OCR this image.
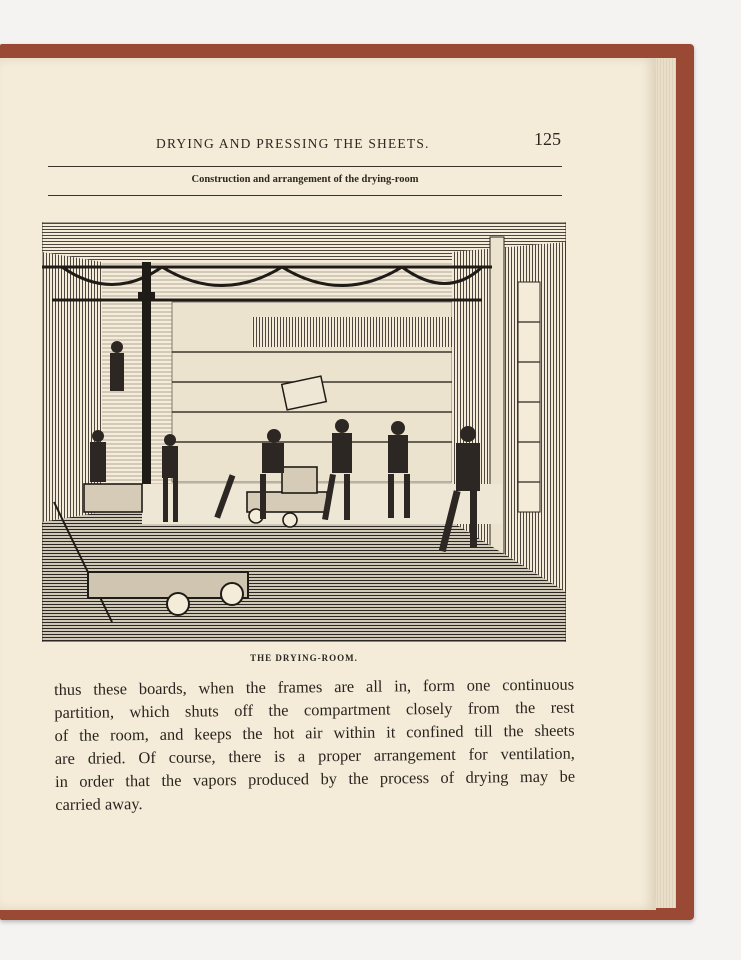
DRYING AND PRESSING THE SHEETS.	125
Construction and arrangement of the drying-room
THE DRYING-ROOM.
thus these boards, when the frames are all in, form one continuous
partition, which shuts off the compartment closely from the rest
of the room, and keeps the hot air within it confined till the sheets
are dried. Of course, there is a proper arrangement for ventilation,
in order that the vapors produced by the process of drying may be
carried away.
